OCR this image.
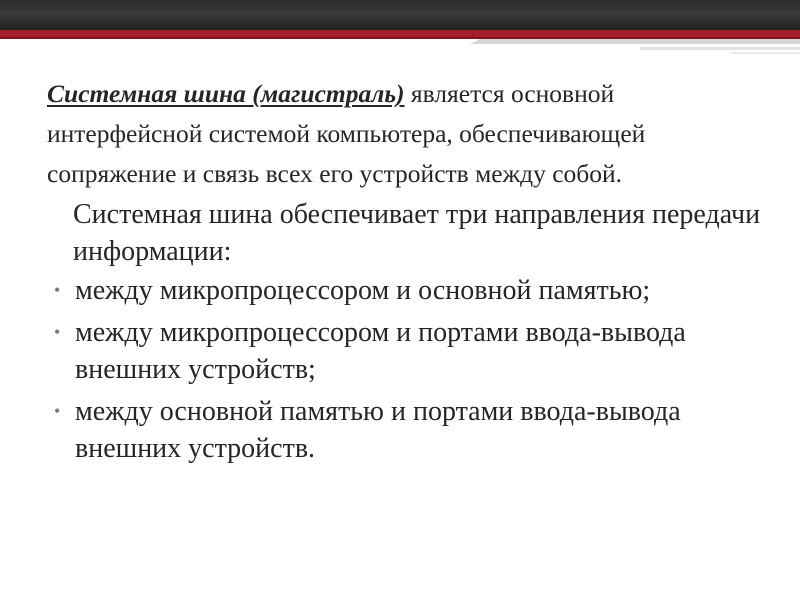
Системная шина (магистраль) является основной интерфейсной системой компьютера, обеспечивающей сопряжение и связь всех его устройств между собой.

Системная шина обеспечивает три направления передачи информации:

• между микропроцессором и основной памятью;
• между микропроцессором и портами ввода-вывода внешних устройств;
• между основной памятью и портами ввода-вывода внешних устройств.
